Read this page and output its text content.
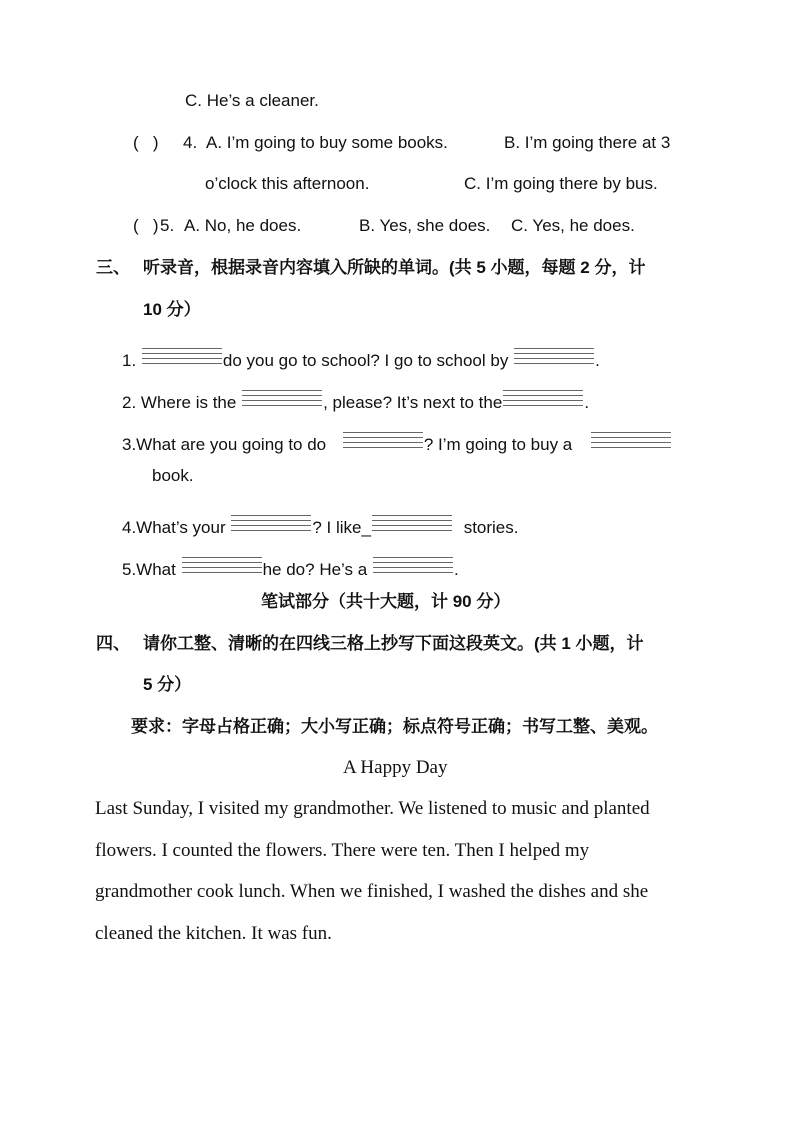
C. He’s a cleaner.
(   ) 4. A. I’m going to buy some books.	B. I’m going there at 3
o’clock this afternoon.	C. I’m going there by bus.
(   ) 5. A. No, he does.	B. Yes, she does. C. Yes, he does.
三、 听录音，根据录音内容填入所缺的单词。(共 5 小题，每题 2 分，计
10 分）
1.	do you go to school? I go to school by	.
2. Where is the	, please? It’s next to the	.
3.What are you going to do	? I’m going to buy a
book.
4.What’s your	? I like_	stories.
5.What	he do? He’s a	.
笔试部分（共十大题，计 90 分）
四、 请你工整、清晰的在四线三格上抄写下面这段英文。(共 1 小题，计
5 分）
要求：字母占格正确；大小写正确；标点符号正确；书写工整、美观。
A Happy Day
Last Sunday, I visited my grandmother. We listened to music and planted
flowers. I counted the flowers. There were ten. Then I helped my
grandmother cook lunch. When we finished, I washed the dishes and she
cleaned the kitchen. It was fun.
